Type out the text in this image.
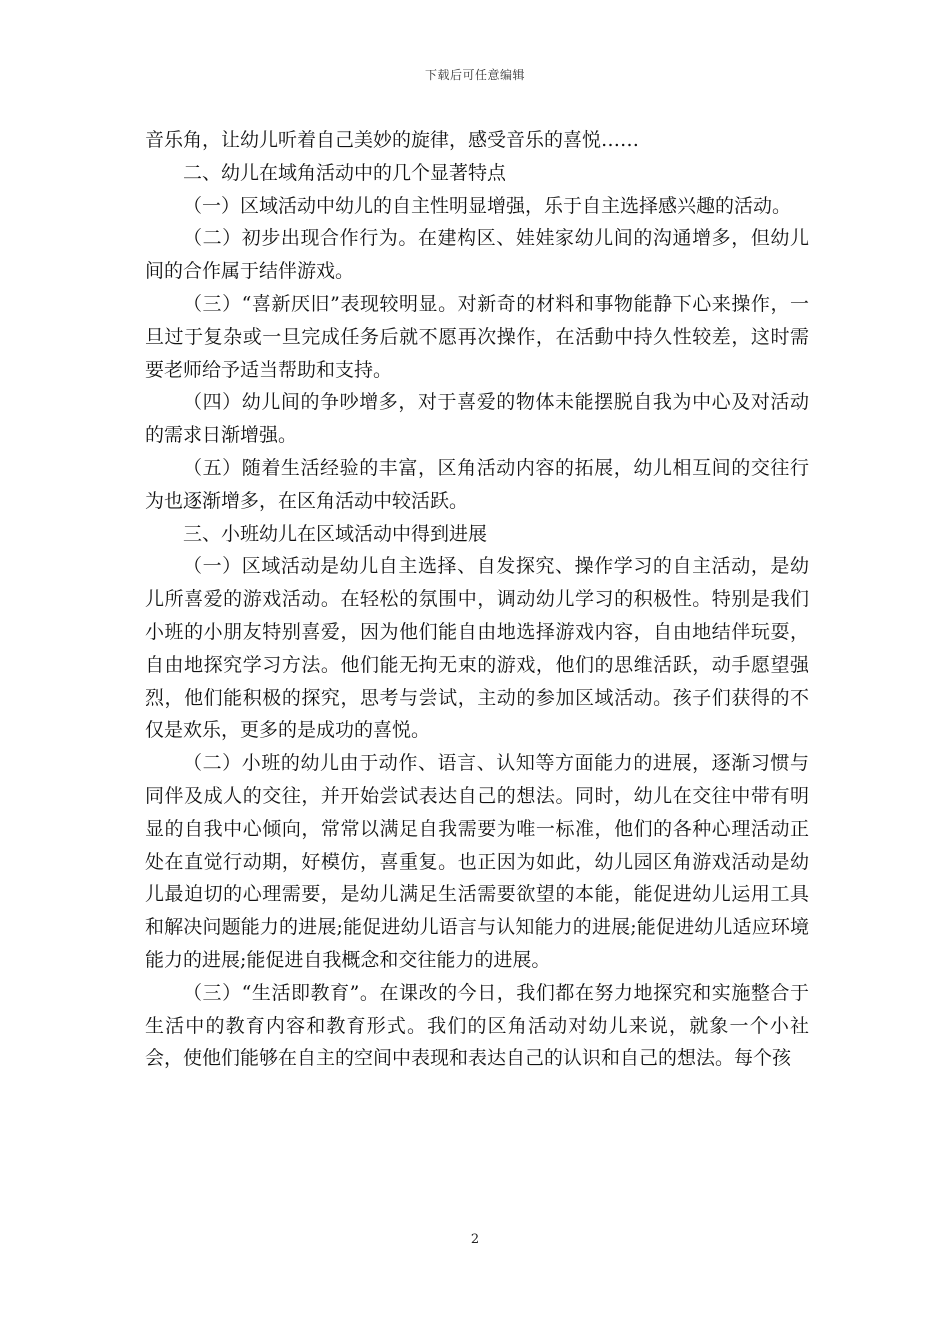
下载后可任意编辑

音乐角，让幼儿听着自己美妙的旋律，感受音乐的喜悦……

二、幼儿在域角活动中的几个显著特点

（一）区域活动中幼儿的自主性明显增强，乐于自主选择感兴趣的活动。

（二）初步出现合作行为。在建构区、娃娃家幼儿间的沟通增多，但幼儿间的合作属于结伴游戏。

（三）“喜新厌旧”表现较明显。对新奇的材料和事物能静下心来操作，一旦过于复杂或一旦完成任务后就不愿再次操作，在活動中持久性较差，这时需要老师给予适当帮助和支持。

（四）幼儿间的争吵增多，对于喜爱的物体未能摆脱自我为中心及对活动的需求日渐增强。

（五）随着生活经验的丰富，区角活动内容的拓展，幼儿相互间的交往行为也逐渐增多，在区角活动中较活跃。

三、小班幼儿在区域活动中得到进展

（一）区域活动是幼儿自主选择、自发探究、操作学习的自主活动，是幼儿所喜爱的游戏活动。在轻松的氛围中，调动幼儿学习的积极性。特别是我们小班的小朋友特别喜爱，因为他们能自由地选择游戏内容，自由地结伴玩耍，自由地探究学习方法。他们能无拘无束的游戏，他们的思维活跃，动手愿望强烈，他们能积极的探究，思考与尝试，主动的参加区域活动。孩子们获得的不仅是欢乐，更多的是成功的喜悦。

（二）小班的幼儿由于动作、语言、认知等方面能力的进展，逐渐习惯与同伴及成人的交往，并开始尝试表达自己的想法。同时，幼儿在交往中带有明显的自我中心倾向，常常以满足自我需要为唯一标准，他们的各种心理活动正处在直觉行动期，好模仿，喜重复。也正因为如此，幼儿园区角游戏活动是幼儿最迫切的心理需要，是幼儿满足生活需要欲望的本能，能促进幼儿运用工具和解决问题能力的进展;能促进幼儿语言与认知能力的进展;能促进幼儿适应环境能力的进展;能促进自我概念和交往能力的进展。

（三）“生活即教育”。在课改的今日，我们都在努力地探究和实施整合于生活中的教育内容和教育形式。我们的区角活动对幼儿来说，就象一个小社会，使他们能够在自主的空间中表现和表达自己的认识和自己的想法。每个孩

2
